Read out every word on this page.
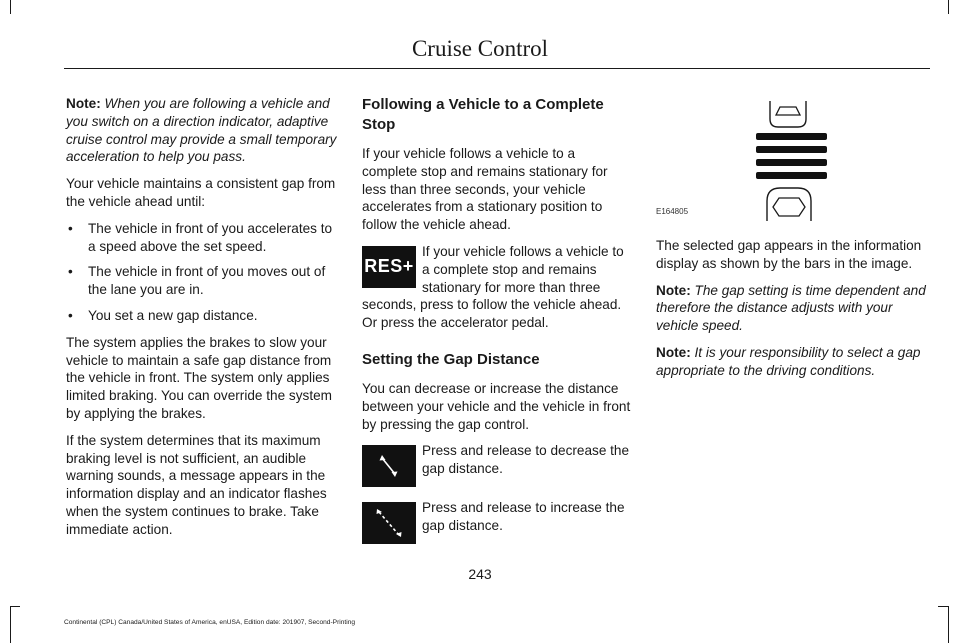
Cruise Control

Note: When you are following a vehicle and you switch on a direction indicator, adaptive cruise control may provide a small temporary acceleration to help you pass.

Your vehicle maintains a consistent gap from the vehicle ahead until:

• The vehicle in front of you accelerates to a speed above the set speed.
• The vehicle in front of you moves out of the lane you are in.
• You set a new gap distance.

The system applies the brakes to slow your vehicle to maintain a safe gap distance from the vehicle in front. The system only applies limited braking. You can override the system by applying the brakes.

If the system determines that its maximum braking level is not sufficient, an audible warning sounds, a message appears in the information display and an indicator flashes when the system continues to brake. Take immediate action.

Following a Vehicle to a Complete Stop

If your vehicle follows a vehicle to a complete stop and remains stationary for less than three seconds, your vehicle accelerates from a stationary position to follow the vehicle ahead.

RES+
If your vehicle follows a vehicle to a complete stop and remains stationary for more than three seconds, press to follow the vehicle ahead. Or press the accelerator pedal.
Setting the Gap Distance

You can decrease or increase the distance between your vehicle and the vehicle in front by pressing the gap control.

Press and release to decrease the gap distance.
Press and release to increase the gap distance.
E164805

The selected gap appears in the information display as shown by the bars in the image.

Note: The gap setting is time dependent and therefore the distance adjusts with your vehicle speed.

Note: It is your responsibility to select a gap appropriate to the driving conditions.

243
Continental (CPL) Canada/United States of America, enUSA, Edition date: 201907, Second-Printing
